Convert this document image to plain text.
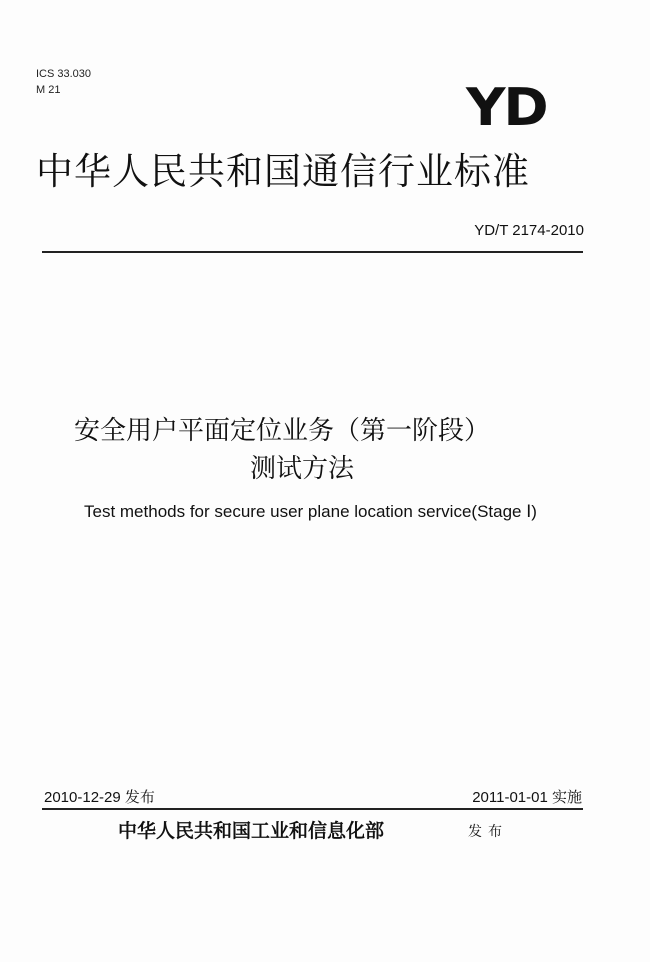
ICS 33.030
M 21	YD
中华人民共和国通信行业标准
YD/T 2174-2010
安全用户平面定位业务（第一阶段）
测试方法
Test methods for secure user plane location service(Stage Ⅰ)
2010-12-29 发布	2011-01-01 实施
中华人民共和国工业和信息化部	发布
